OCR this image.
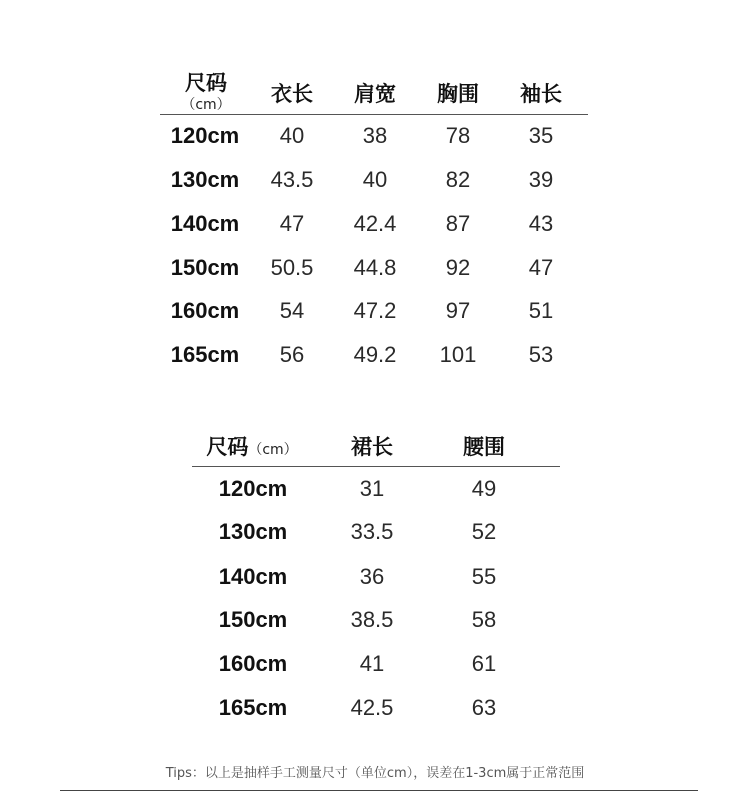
尺码
（cm） 衣长 肩宽 胸围 袖长
120cm 40	38	78	35
130cm 43.5 40	82	39
140cm 47 42.4 87	43
150cm 50.5 44.8 92	47
160cm 54 47.2 97	51
165cm 56 49.2 101 53
尺码（cm）	裙长	腰围
120cm	31	49
130cm	33.5	52
140cm	36	55
150cm	38.5	58
160cm	41	61
165cm	42.5	63
Tips：以上是抽样手工测量尺寸（单位cm），误差在1-3cm属于正常范围
